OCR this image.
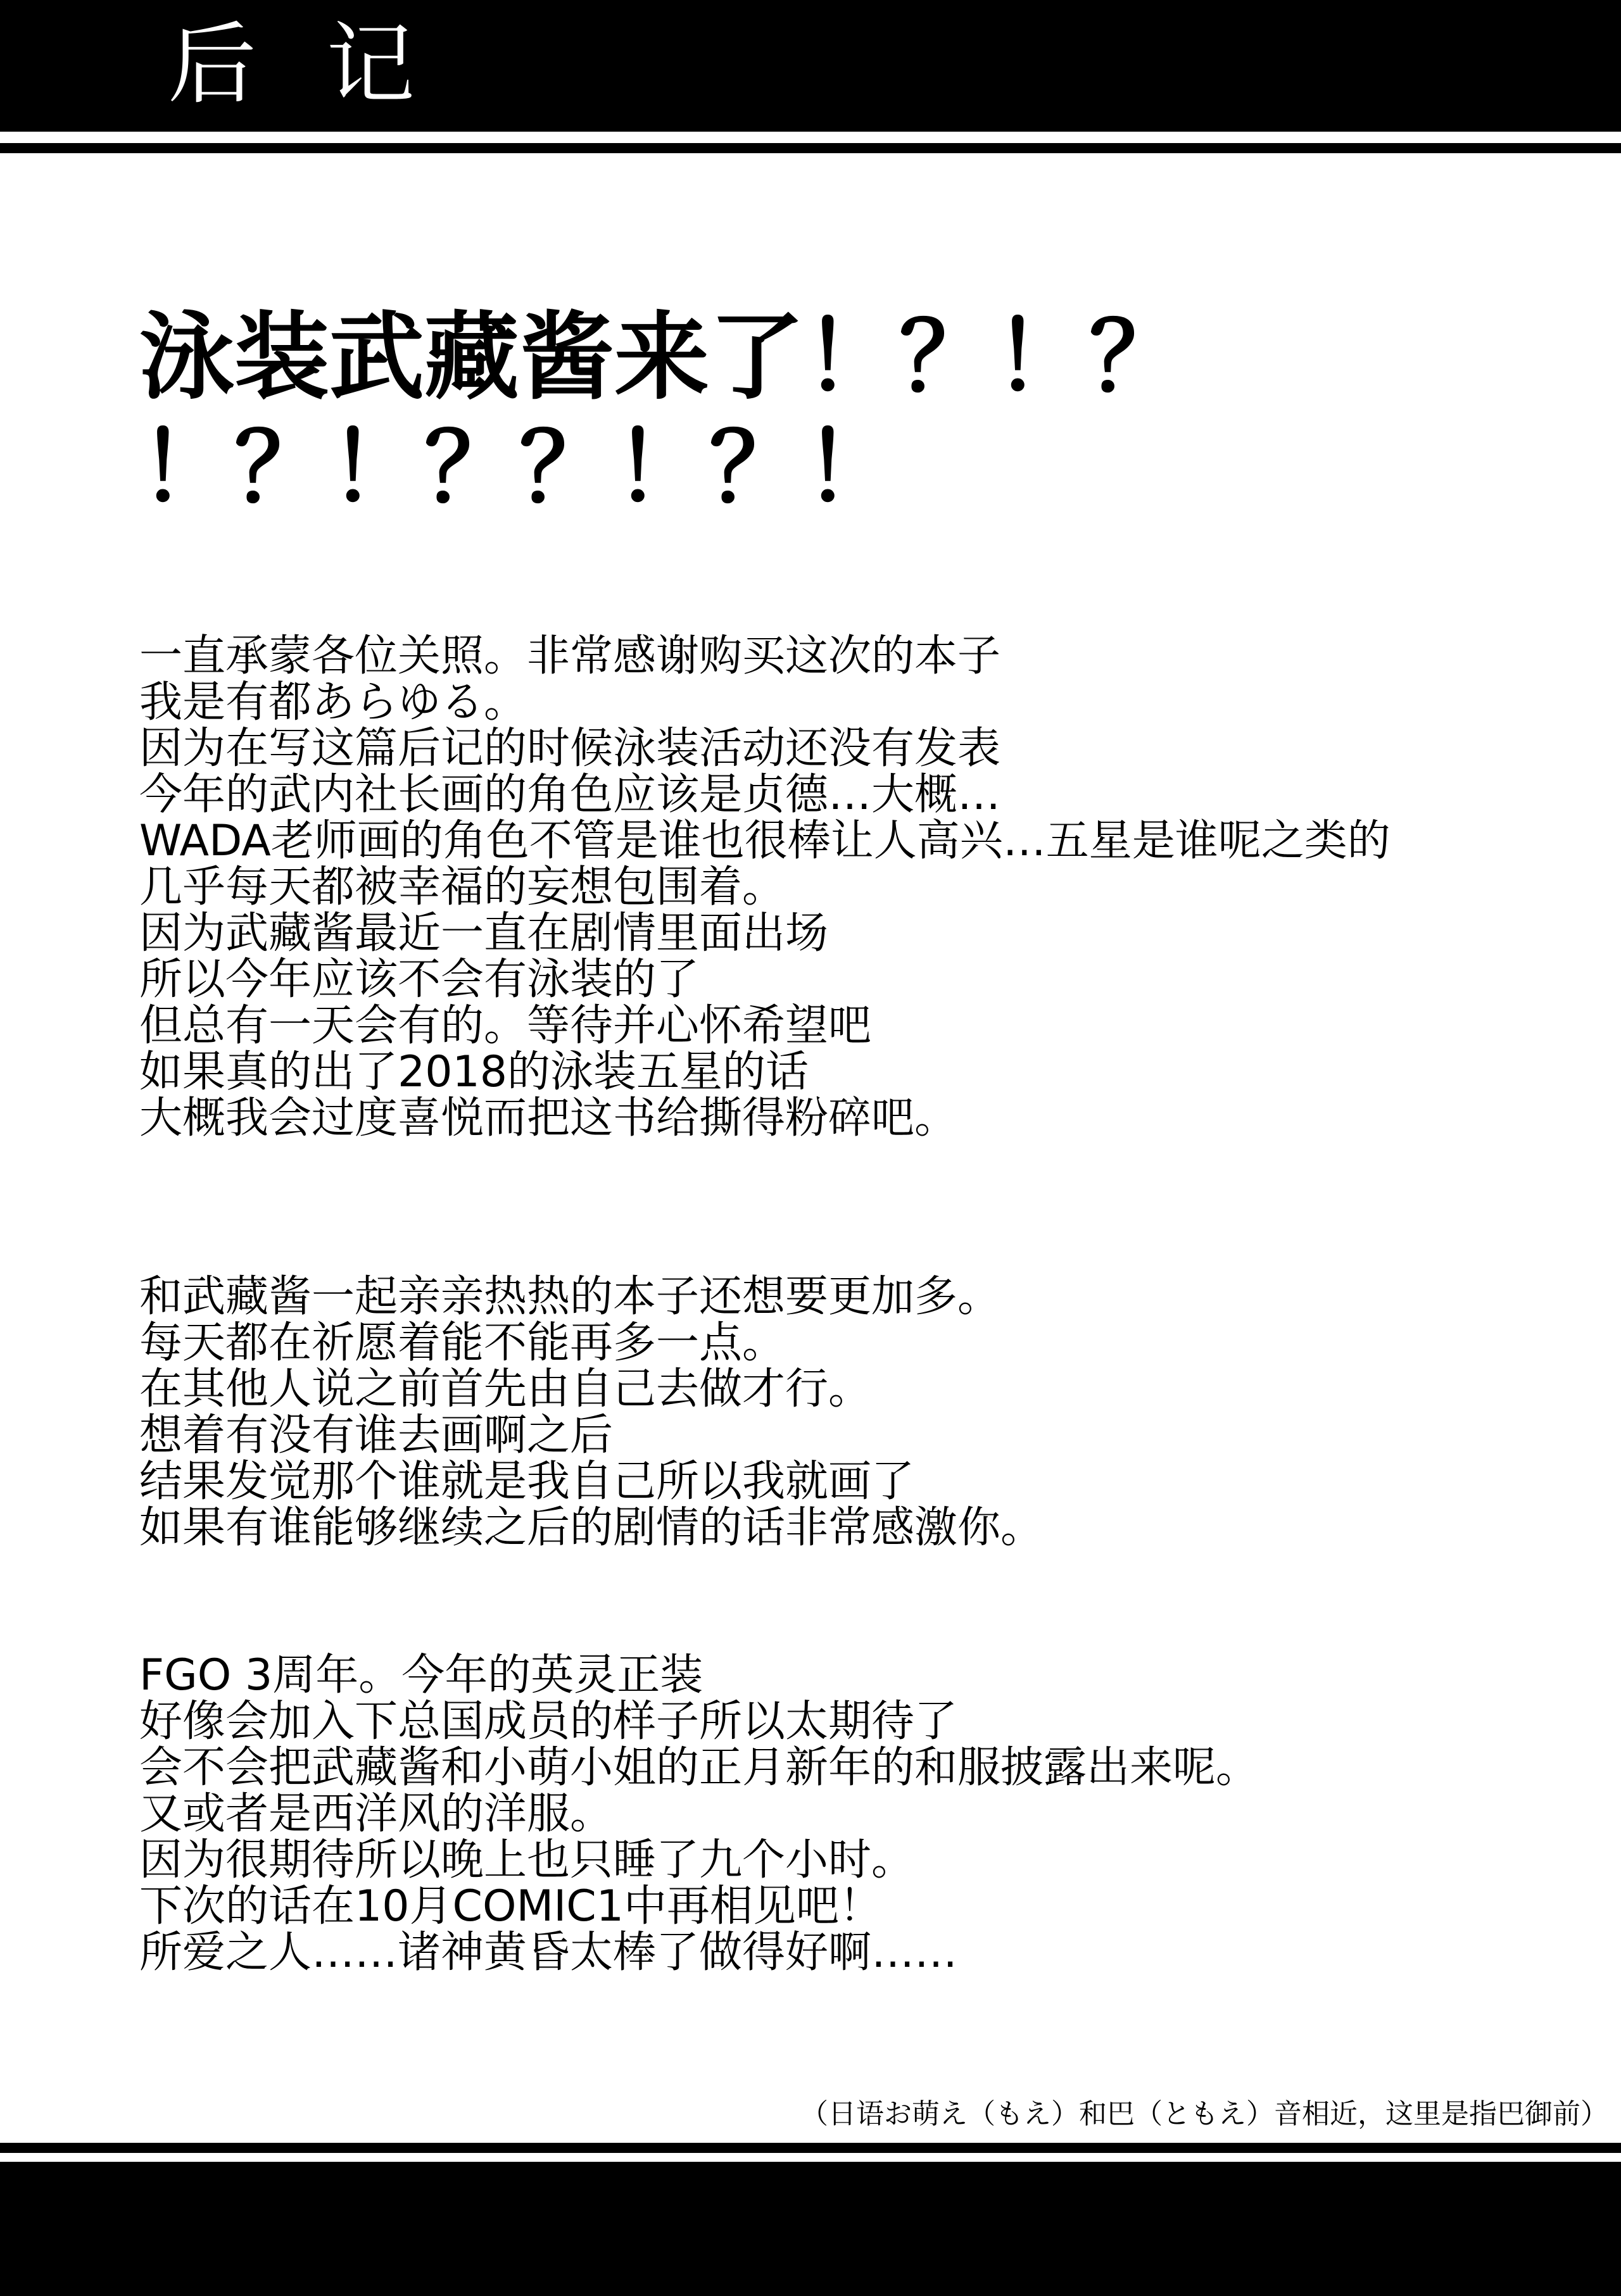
后记
泳装武藏酱来了！？！？
！？！？？！？！
一直承蒙各位关照。非常感谢购买这次的本子
我是有都あらゆる。
因为在写这篇后记的时候泳装活动还没有发表
今年的武内社长画的角色应该是贞德…大概…
WADA老师画的角色不管是谁也很棒让人高兴…五星是谁呢之类的
几乎每天都被幸福的妄想包围着。
因为武藏酱最近一直在剧情里面出场
所以今年应该不会有泳装的了
但总有一天会有的。等待并心怀希望吧
如果真的出了2018的泳装五星的话
大概我会过度喜悦而把这书给撕得粉碎吧。
和武藏酱一起亲亲热热的本子还想要更加多。
每天都在祈愿着能不能再多一点。
在其他人说之前首先由自己去做才行。
想着有没有谁去画啊之后
结果发觉那个谁就是我自己所以我就画了
如果有谁能够继续之后的剧情的话非常感激你。
FGO 3周年。今年的英灵正装
好像会加入下总国成员的样子所以太期待了
会不会把武藏酱和小萌小姐的正月新年的和服披露出来呢。
又或者是西洋风的洋服。
因为很期待所以晚上也只睡了九个小时。
下次的话在10月COMIC1中再相见吧！
所爱之人……诸神黄昏太棒了做得好啊……
（日语お萌え（もえ）和巴（ともえ）音相近，这里是指巴御前）
